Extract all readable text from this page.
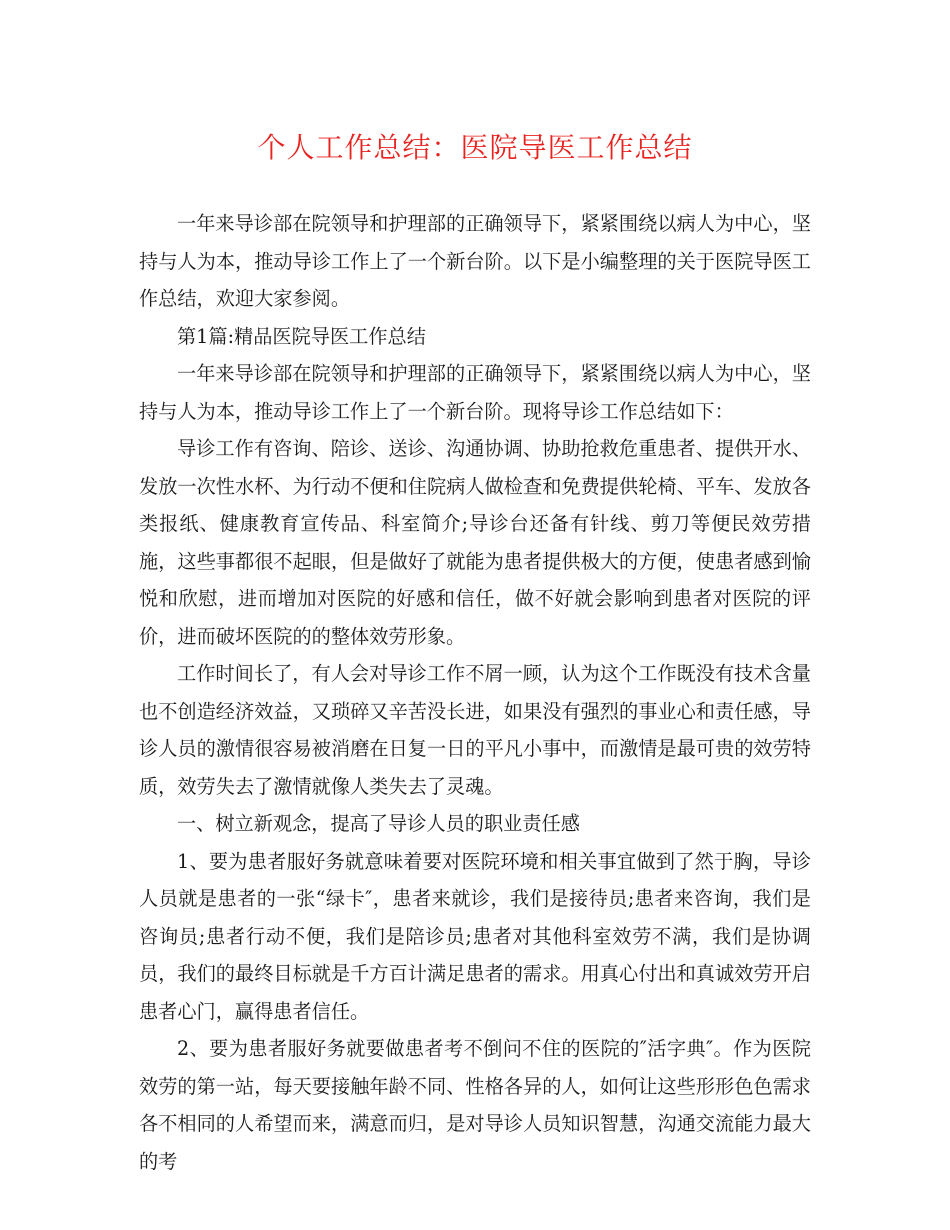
个人工作总结：医院导医工作总结

一年来导诊部在院领导和护理部的正确领导下，紧紧围绕以病人为中心，坚持与人为本，推动导诊工作上了一个新台阶。以下是小编整理的关于医院导医工作总结，欢迎大家参阅。

第1篇:精品医院导医工作总结

一年来导诊部在院领导和护理部的正确领导下，紧紧围绕以病人为中心，坚持与人为本，推动导诊工作上了一个新台阶。现将导诊工作总结如下：

导诊工作有咨询、陪诊、送诊、沟通协调、协助抢救危重患者、提供开水、发放一次性水杯、为行动不便和住院病人做检查和免费提供轮椅、平车、发放各类报纸、健康教育宣传品、科室简介;导诊台还备有针线、剪刀等便民效劳措施，这些事都很不起眼，但是做好了就能为患者提供极大的方便，使患者感到愉悦和欣慰，进而增加对医院的好感和信任，做不好就会影响到患者对医院的评价，进而破坏医院的的整体效劳形象。

工作时间长了，有人会对导诊工作不屑一顾，认为这个工作既没有技术含量也不创造经济效益，又琐碎又辛苦没长进，如果没有强烈的事业心和责任感，导诊人员的激情很容易被消磨在日复一日的平凡小事中，而激情是最可贵的效劳特质，效劳失去了激情就像人类失去了灵魂。

一、树立新观念，提高了导诊人员的职业责任感

1、要为患者服好务就意味着要对医院环境和相关事宜做到了然于胸，导诊人员就是患者的一张“绿卡″，患者来就诊，我们是接待员;患者来咨询，我们是咨询员;患者行动不便，我们是陪诊员;患者对其他科室效劳不满，我们是协调员，我们的最终目标就是千方百计满足患者的需求。用真心付出和真诚效劳开启患者心门，赢得患者信任。

2、要为患者服好务就要做患者考不倒问不住的医院的″活字典″。作为医院效劳的第一站，每天要接触年龄不同、性格各异的人，如何让这些形形色色需求各不相同的人希望而来，满意而归，是对导诊人员知识智慧，沟通交流能力最大的考
